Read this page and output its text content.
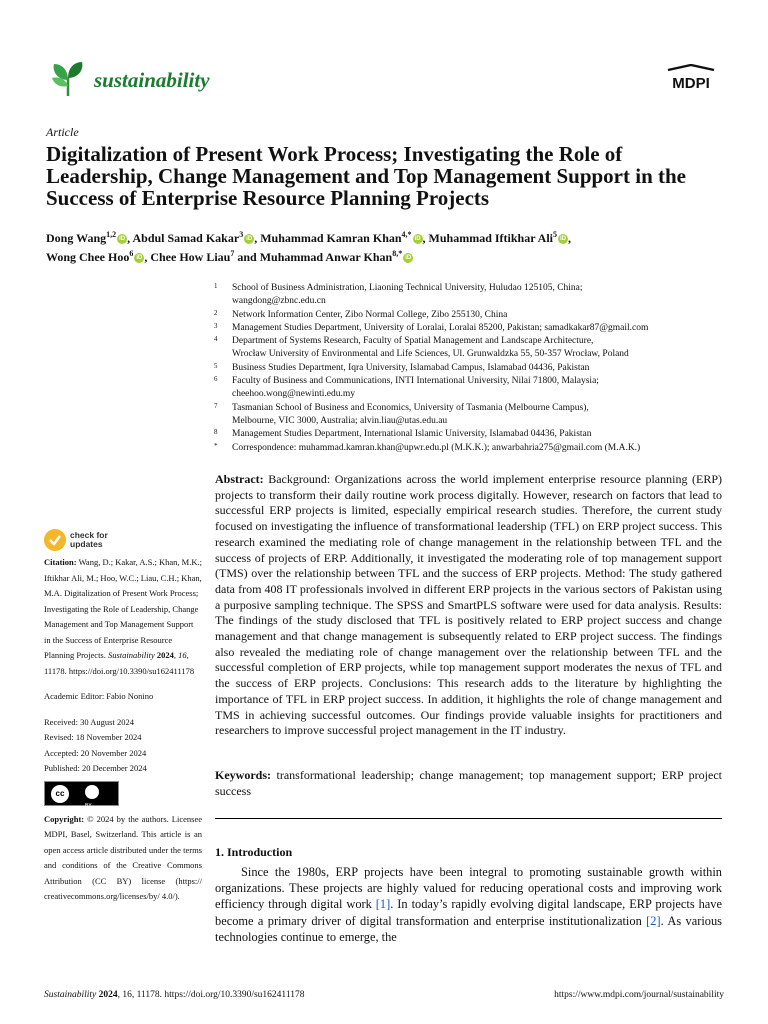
sustainability	MDPI
Article
Digitalization of Present Work Process; Investigating the Role of Leadership, Change Management and Top Management Support in the Success of Enterprise Resource Planning Projects
Dong Wang$^{1,2}$iD , Abdul Samad Kakar$^3$iD , Muhammad Kamran Khan$^{4,*}$iD , Muhammad Iftikhar Ali$^5$iD ,
Wong Chee Hoo$^6$iD , Chee How Liau$^7$ and Muhammad Anwar Khan$^{8,*}$iD
1 School of Business Administration, Liaoning Technical University, Huludao 125105, China;
wangdong@zbnc.edu.cn
2 Network Information Center, Zibo Normal College, Zibo 255130, China
3 Management Studies Department, University of Loralai, Loralai 85200, Pakistan; samadkakar87@gmail.com
4 Department of Systems Research, Faculty of Spatial Management and Landscape Architecture,
Wrocław University of Environmental and Life Sciences, Ul. Grunwaldzka 55, 50-357 Wrocław, Poland
5 Business Studies Department, Iqra University, Islamabad Campus, Islamabad 04436, Pakistan
6 Faculty of Business and Communications, INTI International University, Nilai 71800, Malaysia;
cheehoo.wong@newinti.edu.my
7 Tasmanian School of Business and Economics, University of Tasmania (Melbourne Campus),
Melbourne, VIC 3000, Australia; alvin.liau@utas.edu.au
8 Management Studies Department, International Islamic University, Islamabad 04436, Pakistan
* Correspondence: muhammad.kamran.khan@upwr.edu.pl (M.K.K.); anwarbahria275@gmail.com (M.A.K.)
check for
updates
Citation: Wang, D.; Kakar, A.S.; Khan, M.K.; Iftikhar Ali, M.; Hoo, W.C.; Liau, C.H.; Khan, M.A. Digitalization of Present Work Process; Investigating the Role of Leadership, Change Management and Top Management Support in the Success of Enterprise Resource Planning Projects. Sustainability 2024, 16, 11178. https://doi.org/10.3390/su162411178
Academic Editor: Fabio Nonino
Received: 30 August 2024
Revised: 18 November 2024
Accepted: 20 November 2024
Published: 20 December 2024
cc
BY
Copyright: © 2024 by the authors. Licensee MDPI, Basel, Switzerland. This article is an open access article distributed under the terms and conditions of the Creative Commons Attribution (CC BY) license (https:// creativecommons.org/licenses/by/ 4.0/).
Abstract: Background: Organizations across the world implement enterprise resource planning (ERP) projects to transform their daily routine work process digitally. However, research on factors that lead to successful ERP projects is limited, especially empirical research studies. Therefore, the current study focused on investigating the influence of transformational leadership (TFL) on ERP project success. This research examined the mediating role of change management in the relationship between TFL and the success of projects of ERP. Additionally, it investigated the moderating role of top management support (TMS) over the relationship between TFL and the success of ERP projects. Method: The study gathered data from 408 IT professionals involved in different ERP projects in the various sectors of Pakistan using a purposive sampling technique. The SPSS and SmartPLS software were used for data analysis. Results: The findings of the study disclosed that TFL is positively related to ERP project success and change management and that change management is subsequently related to ERP project success. The findings also revealed the mediating role of change management over the relationship between TFL and the successful completion of ERP projects, while top management support moderates the nexus of TFL and the success of ERP projects. Conclusions: This research adds to the literature by highlighting the importance of TFL in ERP project success. In addition, it highlights the role of change management and TMS in achieving successful outcomes. Our findings provide valuable insights for practitioners and researchers to improve successful project management in the IT industry.
Keywords: transformational leadership; change management; top management support; ERP project success
1. Introduction
Since the 1980s, ERP projects have been integral to promoting sustainable growth within organizations. These projects are highly valued for reducing operational costs and improving work efficiency through digital work [1]. In today’s rapidly evolving digital landscape, ERP projects have become a primary driver of digital transformation and enterprise institutionalization [2]. As various technologies continue to emerge, the
Sustainability 2024, 16, 11178. https://doi.org/10.3390/su162411178	https://www.mdpi.com/journal/sustainability
